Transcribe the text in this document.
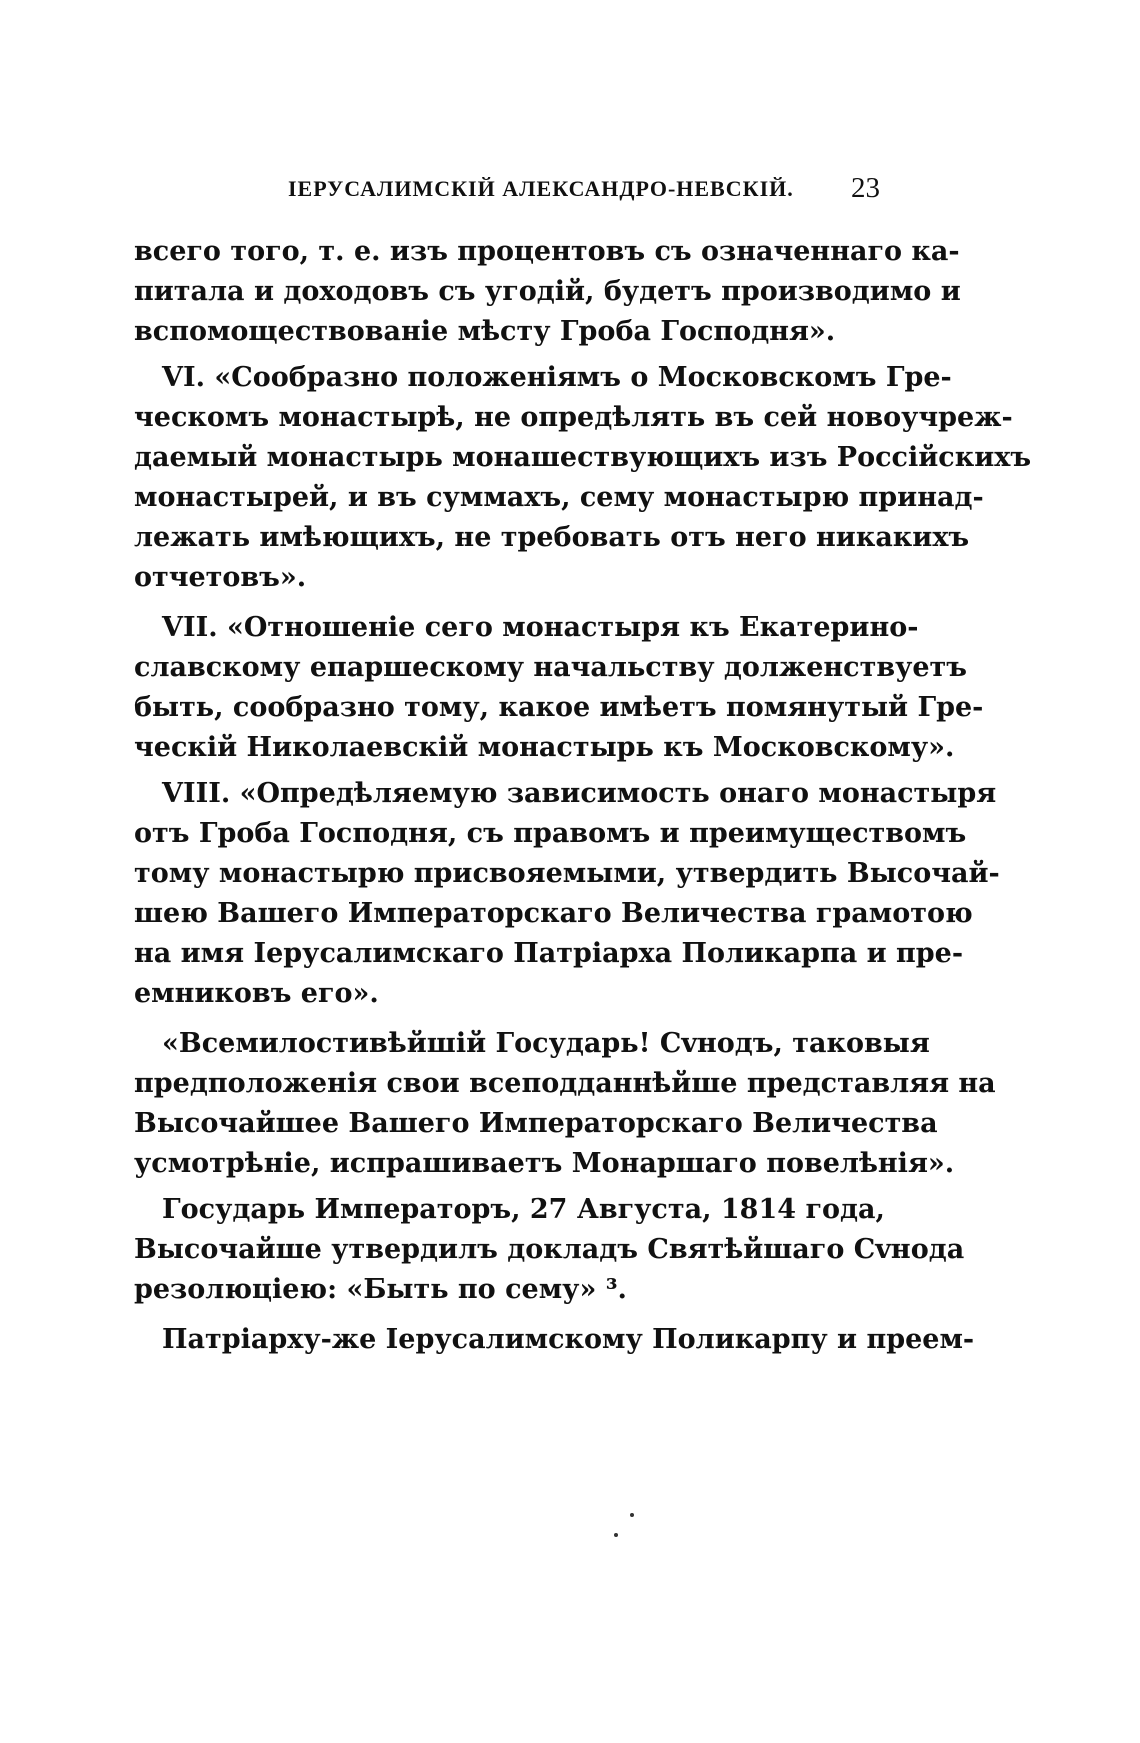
ІЕРУСАЛИМСКІЙ АЛЕКСАНДРО-НЕВСКІЙ. 23
всего того, т. е. изъ процентовъ съ означеннаго ка-
питала и доходовъ съ угодій, будетъ производимо и
вспомоществованіе мѣсту Гроба Господня».
VI. «Сообразно положеніямъ о Московскомъ Гре-
ческомъ монастырѣ, не опредѣлять въ сей новоучреж-
даемый монастырь монашествующихъ изъ Россійскихъ
монастырей, и въ суммахъ, сему монастырю принад-
лежать имѣющихъ, не требовать отъ него никакихъ
отчетовъ».
VII. «Отношеніе сего монастыря къ Екатерино-
славскому епаршескому начальству долженствуетъ
быть, сообразно тому, какое имѣетъ помянутый Гре-
ческій Николаевскій монастырь къ Московскому».
VIII. «Опредѣляемую зависимость онаго монастыря
отъ Гроба Господня, съ правомъ и преимуществомъ
тому монастырю присвояемыми, утвердить Высочай-
шею Вашего Императорскаго Величества грамотою
на имя Іерусалимскаго Патріарха Поликарпа и пре-
емниковъ его».
«Всемилостивѣйшій Государь! Сvнодъ, таковыя
предположенія свои всеподданнѣйше представляя на
Высочайшее Вашего Императорскаго Величества
усмотрѣніе, испрашиваетъ Монаршаго повелѣнія».
Государь Императоръ, 27 Августа, 1814 года,
Высочайше утвердилъ докладъ Святѣйшаго Сvнода
резолюціею: «Быть по сему» ³.
Патріарху-же Іерусалимскому Поликарпу и преем-
